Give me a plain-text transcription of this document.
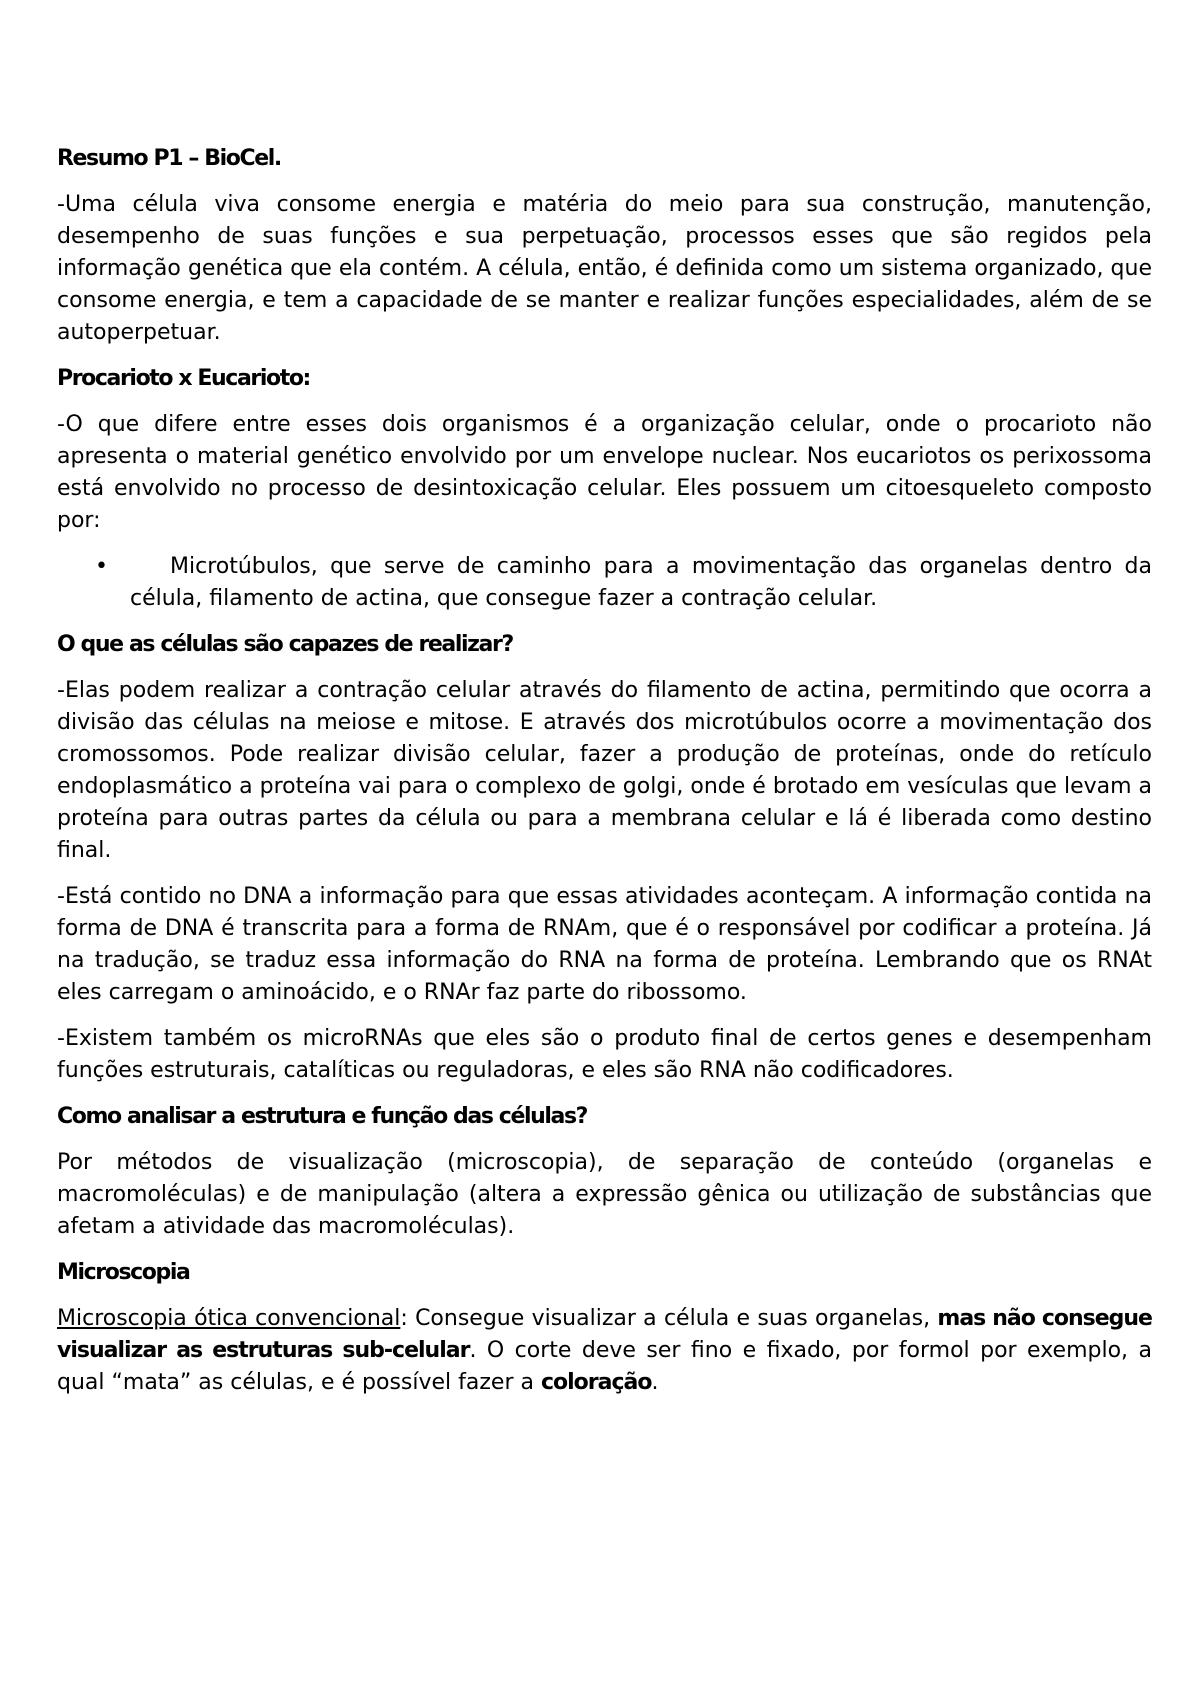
Resumo P1 – BioCel.

-Uma célula viva consome energia e matéria do meio para sua construção, manutenção, desempenho de suas funções e sua perpetuação, processos esses que são regidos pela informação genética que ela contém. A célula, então, é definida como um sistema organizado, que consome energia, e tem a capacidade de se manter e realizar funções especialidades, além de se autoperpetuar.

Procarioto x Eucarioto:

-O que difere entre esses dois organismos é a organização celular, onde o procarioto não apresenta o material genético envolvido por um envelope nuclear. Nos eucariotos os perixossoma está envolvido no processo de desintoxicação celular. Eles possuem um citoesqueleto composto por:

•	Microtúbulos, que serve de caminho para a movimentação das organelas dentro da célula, filamento de actina, que consegue fazer a contração celular.

O que as células são capazes de realizar?

-Elas podem realizar a contração celular através do filamento de actina, permitindo que ocorra a divisão das células na meiose e mitose. E através dos microtúbulos ocorre a movimentação dos cromossomos. Pode realizar divisão celular, fazer a produção de proteínas, onde do retículo endoplasmático a proteína vai para o complexo de golgi, onde é brotado em vesículas que levam a proteína para outras partes da célula ou para a membrana celular e lá é liberada como destino final.

-Está contido no DNA a informação para que essas atividades aconteçam. A informação contida na forma de DNA é transcrita para a forma de RNAm, que é o responsável por codificar a proteína. Já na tradução, se traduz essa informação do RNA na forma de proteína. Lembrando que os RNAt eles carregam o aminoácido, e o RNAr faz parte do ribossomo.

-Existem também os microRNAs que eles são o produto final de certos genes e desempenham funções estruturais, catalíticas ou reguladoras, e eles são RNA não codificadores.

Como analisar a estrutura e função das células?

Por métodos de visualização (microscopia), de separação de conteúdo (organelas e macromoléculas) e de manipulação (altera a expressão gênica ou utilização de substâncias que afetam a atividade das macromoléculas).

Microscopia

Microscopia ótica convencional: Consegue visualizar a célula e suas organelas, mas não consegue visualizar as estruturas sub-celular. O corte deve ser fino e fixado, por formol por exemplo, a qual “mata” as células, e é possível fazer a coloração.
